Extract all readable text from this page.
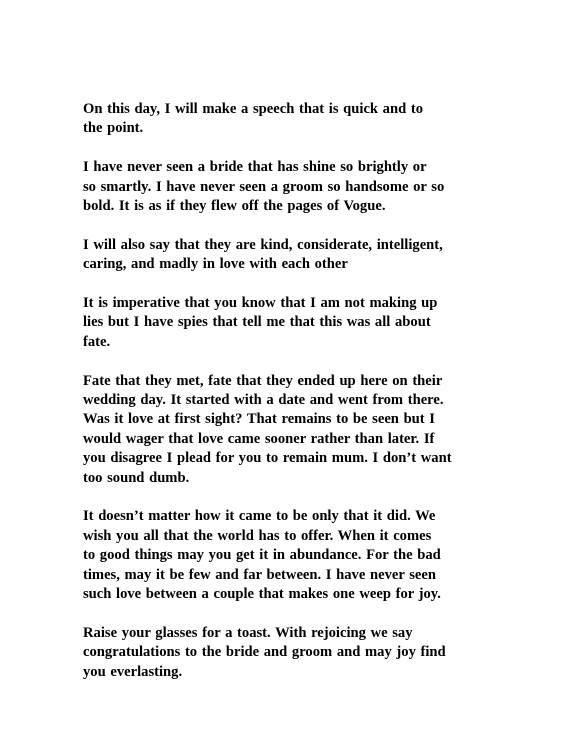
On this day, I will make a speech that is quick and to
the point.

I have never seen a bride that has shine so brightly or
so smartly. I have never seen a groom so handsome or so
bold. It is as if they flew off the pages of Vogue.

I will also say that they are kind, considerate, intelligent,
caring, and madly in love with each other

It is imperative that you know that I am not making up
lies but I have spies that tell me that this was all about
fate.

Fate that they met, fate that they ended up here on their
wedding day. It started with a date and went from there.
Was it love at first sight? That remains to be seen but I
would wager that love came sooner rather than later. If
you disagree I plead for you to remain mum. I don’t want
too sound dumb.

It doesn’t matter how it came to be only that it did. We
wish you all that the world has to offer. When it comes
to good things may you get it in abundance. For the bad
times, may it be few and far between. I have never seen
such love between a couple that makes one weep for joy.

Raise your glasses for a toast. With rejoicing we say
congratulations to the bride and groom and may joy find
you everlasting.
